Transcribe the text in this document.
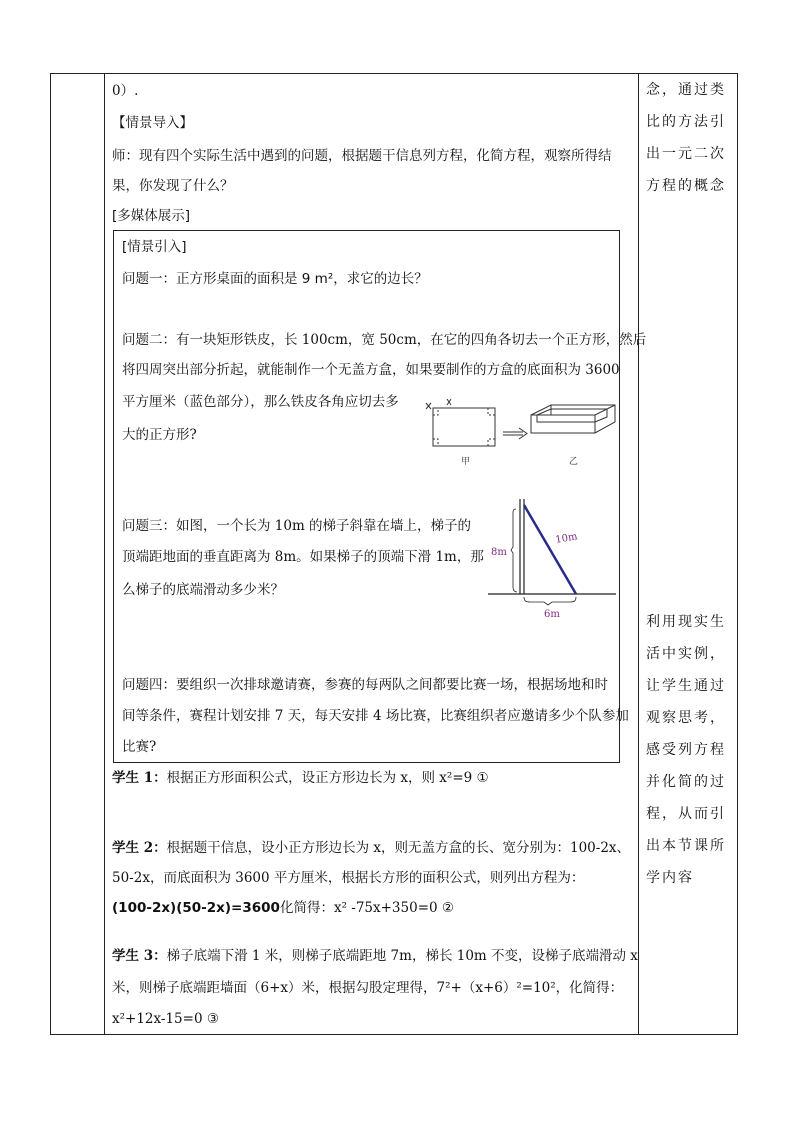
0）.
【情景导入】
师：现有四个实际生活中遇到的问题，根据题干信息列方程，化简方程，观察所得结
果，你发现了什么？
[多媒体展示]
学生 1：根据正方形面积公式，设正方形边长为 x，则 x²=9 ①
学生 2：根据题干信息，设小正方形边长为 x，则无盖方盒的长、宽分别为：100-2x、
50-2x，而底面积为 3600 平方厘米，根据长方形的面积公式，则列出方程为：
(100-2x)(50-2x)=3600化简得：x² -75x+350=0 ②
学生 3：梯子底端下滑 1 米，则梯子底端距地 7m，梯长 10m 不变，设梯子底端滑动 x
米，则梯子底端距墙面（6+x）米，根据勾股定理得，7²+（x+6）²=10²，化简得：
x²+12x-15=0 ③
[情景引入]
问题一：正方形桌面的面积是 9 m²，求它的边长？
问题二：有一块矩形铁皮，长 100cm，宽 50cm，在它的四角各切去一个正方形，然后
将四周突出部分折起，就能制作一个无盖方盒，如果要制作的方盒的底面积为 3600
平方厘米（蓝色部分），那么铁皮各角应切去多
大的正方形?
甲	乙
问题三：如图，一个长为 10m 的梯子斜靠在墙上，梯子的
顶端距地面的垂直距离为 8m。如果梯子的顶端下滑 1m，那
么梯子的底端滑动多少米？
8m
10m
6m
问题四：要组织一次排球邀请赛，参赛的每两队之间都要比赛一场，根据场地和时
间等条件，赛程计划安排 7 天，每天安排 4 场比赛，比赛组织者应邀请多少个队参加
比赛?
念，通过类
比的方法引
出一元二次
方程的概念
利用现实生
活中实例，
让学生通过
观察思考，
感受列方程
并化简的过
程，从而引
出本节课所
学内容
